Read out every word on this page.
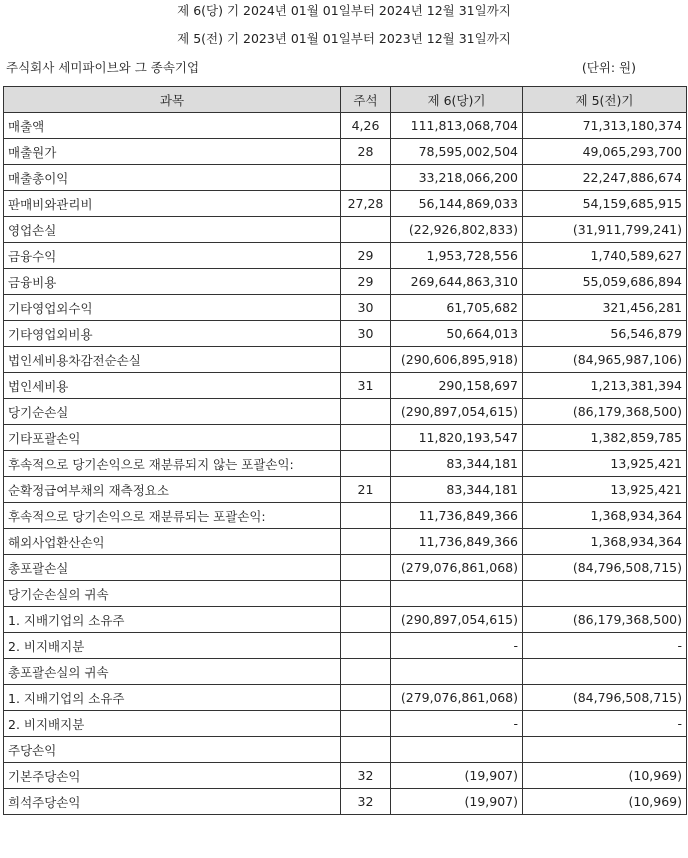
제 6(당) 기 2024년 01월 01일부터 2024년 12월 31일까지
제 5(전) 기 2023년 01월 01일부터 2023년 12월 31일까지
주식회사 세미파이브와 그 종속기업	(단위: 원)
과목	주석	제 6(당)기	제 5(전)기
매출액	4,26	111,813,068,704	71,313,180,374
매출원가	28	78,595,002,504	49,065,293,700
매출총이익		33,218,066,200	22,247,886,674
판매비와관리비	27,28	56,144,869,033	54,159,685,915
영업손실		(22,926,802,833)	(31,911,799,241)
금융수익	29	1,953,728,556	1,740,589,627
금융비용	29	269,644,863,310	55,059,686,894
기타영업외수익	30	61,705,682	321,456,281
기타영업외비용	30	50,664,013	56,546,879
법인세비용차감전순손실		(290,606,895,918)	(84,965,987,106)
법인세비용	31	290,158,697	1,213,381,394
당기순손실		(290,897,054,615)	(86,179,368,500)
기타포괄손익		11,820,193,547	1,382,859,785
후속적으로 당기손익으로 재분류되지 않는 포괄손익:		83,344,181	13,925,421
순확정급여부채의 재측정요소	21	83,344,181	13,925,421
후속적으로 당기손익으로 재분류되는 포괄손익:		11,736,849,366	1,368,934,364
해외사업환산손익		11,736,849,366	1,368,934,364
총포괄손실		(279,076,861,068)	(84,796,508,715)
당기순손실의 귀속			
1. 지배기업의 소유주		(290,897,054,615)	(86,179,368,500)
2. 비지배지분		-	-
총포괄손실의 귀속			
1. 지배기업의 소유주		(279,076,861,068)	(84,796,508,715)
2. 비지배지분		-	-
주당손익			
기본주당손익	32	(19,907)	(10,969)
희석주당손익	32	(19,907)	(10,969)
